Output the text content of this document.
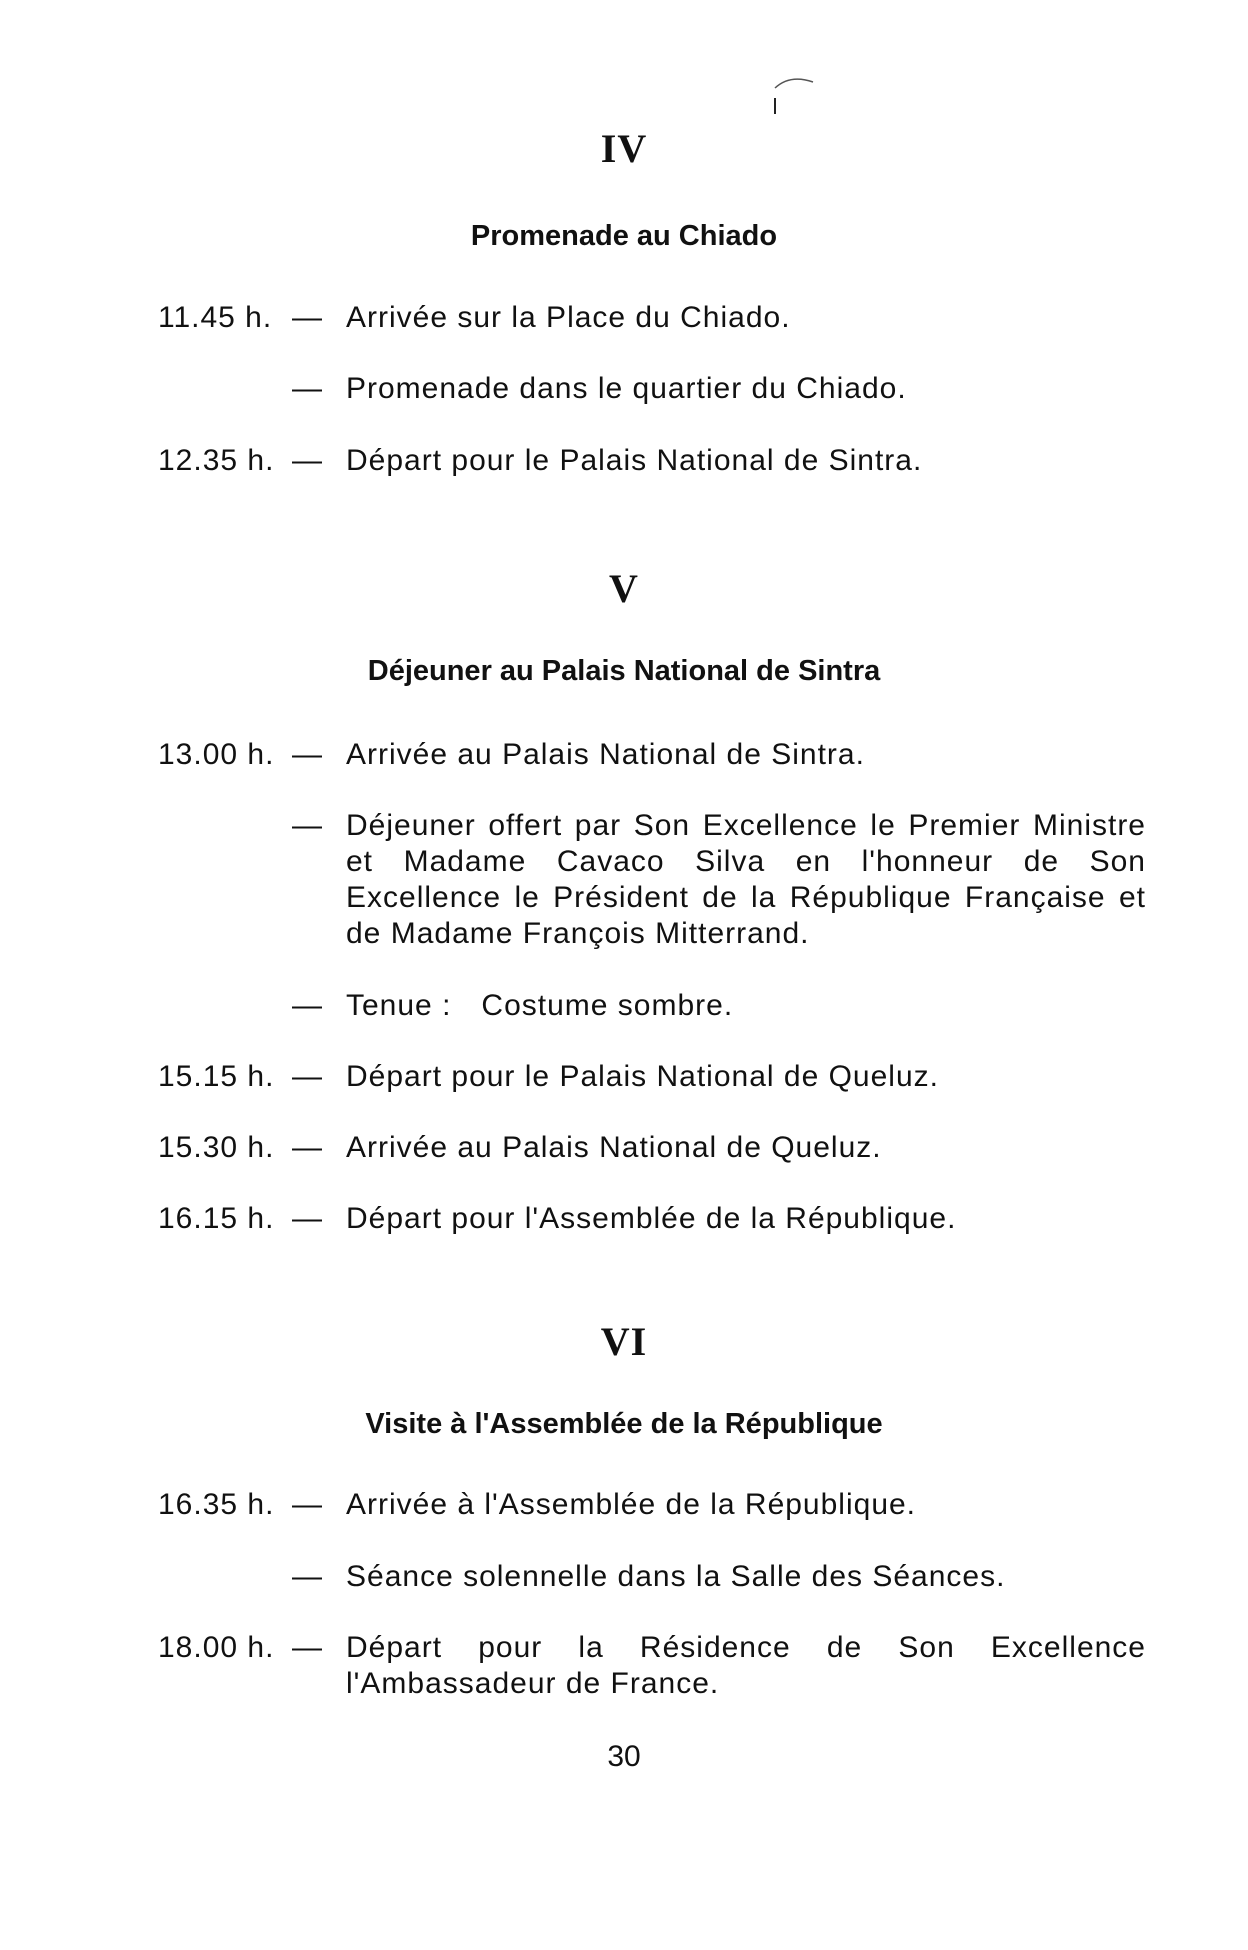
IV
Promenade au Chiado
11.45 h. — Arrivée sur la Place du Chiado.
— Promenade dans le quartier du Chiado.
12.35 h. — Départ pour le Palais National de Sintra.
V
Déjeuner au Palais National de Sintra
13.00 h. — Arrivée au Palais National de Sintra.
— Déjeuner offert par Son Excellence le Premier Ministre et Madame Cavaco Silva en l'honneur de Son Excellence le Président de la République Française et de Madame François Mitterrand.
— Tenue : Costume sombre.
15.15 h. — Départ pour le Palais National de Queluz.
15.30 h. — Arrivée au Palais National de Queluz.
16.15 h. — Départ pour l'Assemblée de la République.
VI
Visite à l'Assemblée de la République
16.35 h. — Arrivée à l'Assemblée de la République.
— Séance solennelle dans la Salle des Séances.
18.00 h. — Départ pour la Résidence de Son Excellence l'Ambassadeur de France.
30
